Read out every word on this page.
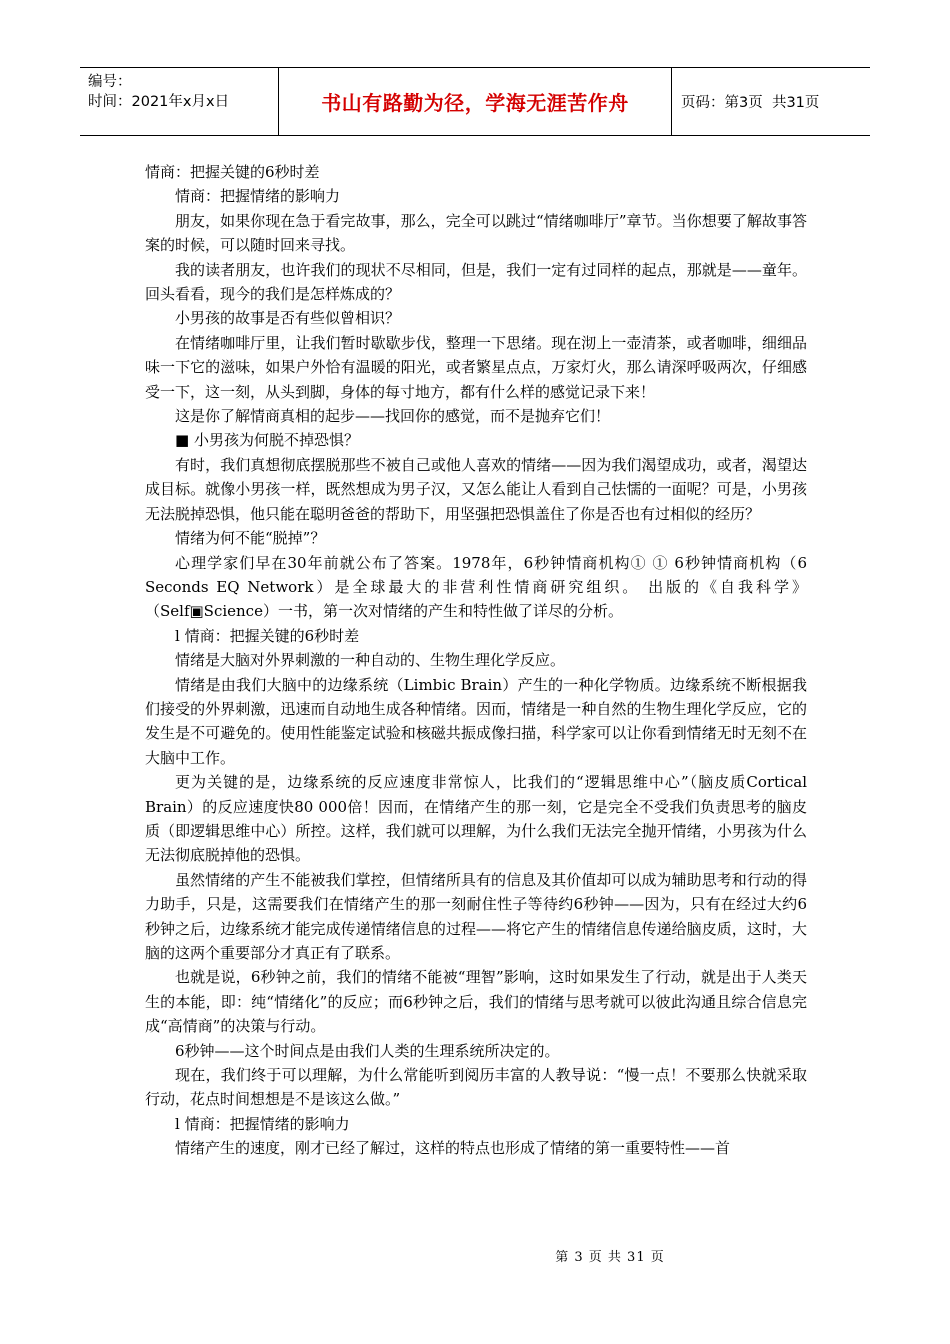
编号：
时间：2021年x月x日	书山有路勤为径，学海无涯苦作舟	页码：第3页  共31页

情商：把握关键的6秒时差

情商：把握情绪的影响力

朋友，如果你现在急于看完故事，那么，完全可以跳过“情绪咖啡厅”章节。当你想要了解故事答案的时候，可以随时回来寻找。

我的读者朋友，也许我们的现状不尽相同，但是，我们一定有过同样的起点，那就是——童年。回头看看，现今的我们是怎样炼成的？

小男孩的故事是否有些似曾相识？

在情绪咖啡厅里，让我们暂时歇歇步伐，整理一下思绪。现在沏上一壶清茶，或者咖啡，细细品味一下它的滋味，如果户外恰有温暖的阳光，或者繁星点点，万家灯火，那么请深呼吸两次，仔细感受一下，这一刻，从头到脚，身体的每寸地方，都有什么样的感觉记录下来！

这是你了解情商真相的起步——找回你的感觉，而不是抛弃它们！

■ 小男孩为何脱不掉恐惧？

有时，我们真想彻底摆脱那些不被自己或他人喜欢的情绪——因为我们渴望成功，或者，渴望达成目标。就像小男孩一样，既然想成为男子汉，又怎么能让人看到自己怯懦的一面呢？可是，小男孩无法脱掉恐惧，他只能在聪明爸爸的帮助下，用坚强把恐惧盖住了你是否也有过相似的经历？

情绪为何不能“脱掉”？

心理学家们早在30年前就公布了答案。1978年，6秒钟情商机构① ① 6秒钟情商机构（6 Seconds EQ Network）是全球最大的非营利性情商研究组织。 出版的《自我科学》（Self▣Science）一书，第一次对情绪的产生和特性做了详尽的分析。

l 情商：把握关键的6秒时差

情绪是大脑对外界刺激的一种自动的、生物生理化学反应。

情绪是由我们大脑中的边缘系统（Limbic Brain）产生的一种化学物质。边缘系统不断根据我们接受的外界刺激，迅速而自动地生成各种情绪。因而，情绪是一种自然的生物生理化学反应，它的发生是不可避免的。使用性能鉴定试验和核磁共振成像扫描，科学家可以让你看到情绪无时无刻不在大脑中工作。

更为关键的是，边缘系统的反应速度非常惊人，比我们的“逻辑思维中心”（脑皮质Cortical Brain）的反应速度快80 000倍！因而，在情绪产生的那一刻，它是完全不受我们负责思考的脑皮质（即逻辑思维中心）所控。这样，我们就可以理解，为什么我们无法完全抛开情绪，小男孩为什么无法彻底脱掉他的恐惧。

虽然情绪的产生不能被我们掌控，但情绪所具有的信息及其价值却可以成为辅助思考和行动的得力助手，只是，这需要我们在情绪产生的那一刻耐住性子等待约6秒钟——因为，只有在经过大约6秒钟之后，边缘系统才能完成传递情绪信息的过程——将它产生的情绪信息传递给脑皮质，这时，大脑的这两个重要部分才真正有了联系。

也就是说，6秒钟之前，我们的情绪不能被“理智”影响，这时如果发生了行动，就是出于人类天生的本能，即：纯“情绪化”的反应；而6秒钟之后，我们的情绪与思考就可以彼此沟通且综合信息完成“高情商”的决策与行动。

6秒钟——这个时间点是由我们人类的生理系统所决定的。

现在，我们终于可以理解，为什么常能听到阅历丰富的人教导说：“慢一点！不要那么快就采取行动，花点时间想想是不是该这么做。”

l 情商：把握情绪的影响力

情绪产生的速度，刚才已经了解过，这样的特点也形成了情绪的第一重要特性——首

第 3 页 共 31 页
